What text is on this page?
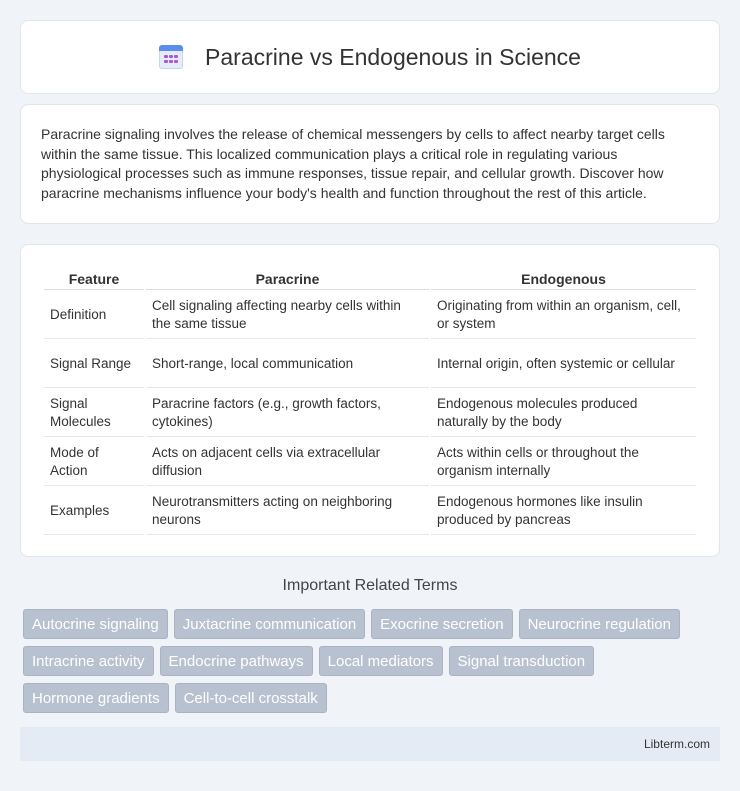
Paracrine vs Endogenous in Science

Paracrine signaling involves the release of chemical messengers by cells to affect nearby target cells within the same tissue. This localized communication plays a critical role in regulating various physiological processes such as immune responses, tissue repair, and cellular growth. Discover how paracrine mechanisms influence your body's health and function throughout the rest of this article.

Feature	Paracrine	Endogenous
Definition	Cell signaling affecting nearby cells within the same tissue	Originating from within an organism, cell, or system
Signal Range	Short-range, local communication	Internal origin, often systemic or cellular
Signal Molecules	Paracrine factors (e.g., growth factors, cytokines)	Endogenous molecules produced naturally by the body
Mode of Action	Acts on adjacent cells via extracellular diffusion	Acts within cells or throughout the organism internally
Examples	Neurotransmitters acting on neighboring neurons	Endogenous hormones like insulin produced by pancreas
Important Related Terms
Autocrine signaling	Juxtacrine communication	Exocrine secretion	Neurocrine regulation
Intracrine activity	Endocrine pathways	Local mediators	Signal transduction
Hormone gradients	Cell-to-cell crosstalk
Libterm.com
